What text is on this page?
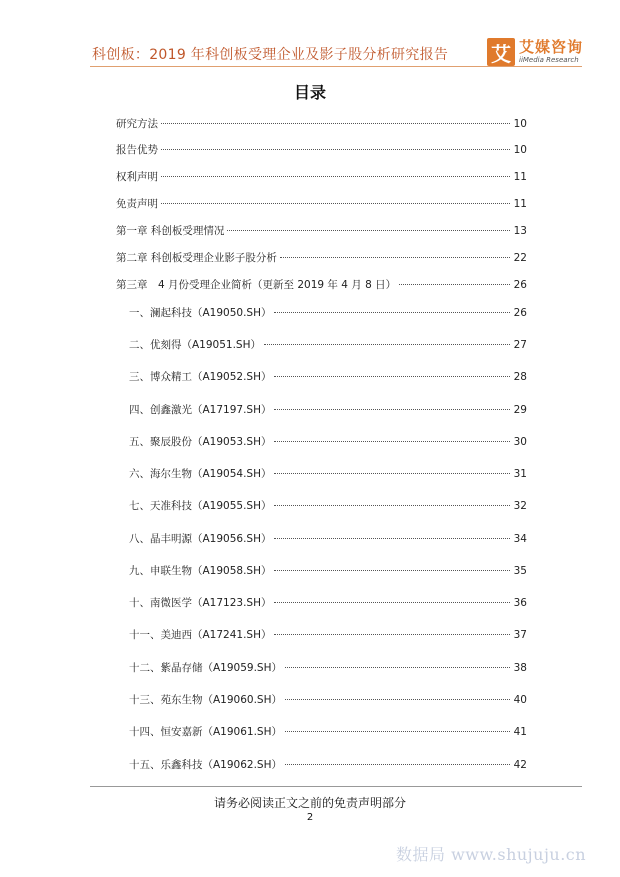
科创板：2019 年科创板受理企业及影子股分析研究报告 艾 艾媒咨询
iiMedia Research
目录
研究方法	10
报告优势	10
权利声明	11
免责声明	11
第一章 科创板受理情况	13
第二章 科创板受理企业影子股分析	22
第三章　4 月份受理企业简析（更新至 2019 年 4 月 8 日）	26
一、澜起科技 （A19050.SH）	26
二、优刻得 （A19051.SH）	27
三、博众精工 （A19052.SH）	28
四、创鑫激光 （A17197.SH）	29
五、聚辰股份 （A19053.SH）	30
六、海尔生物 （A19054.SH）	31
七、天准科技 （A19055.SH）	32
八、晶丰明源 （A19056.SH）	34
九、申联生物 （A19058.SH）	35
十、南微医学 （A17123.SH）	36
十一、美迪西 （A17241.SH）	37
十二、紫晶存储 （A19059.SH）	38
十三、苑东生物 （A19060.SH）	40
十四、恒安嘉新 （A19061.SH）	41
十五、乐鑫科技 （A19062.SH）	42
请务必阅读正文之前的免责声明部分
2
数据局 www.shujuju.cn
